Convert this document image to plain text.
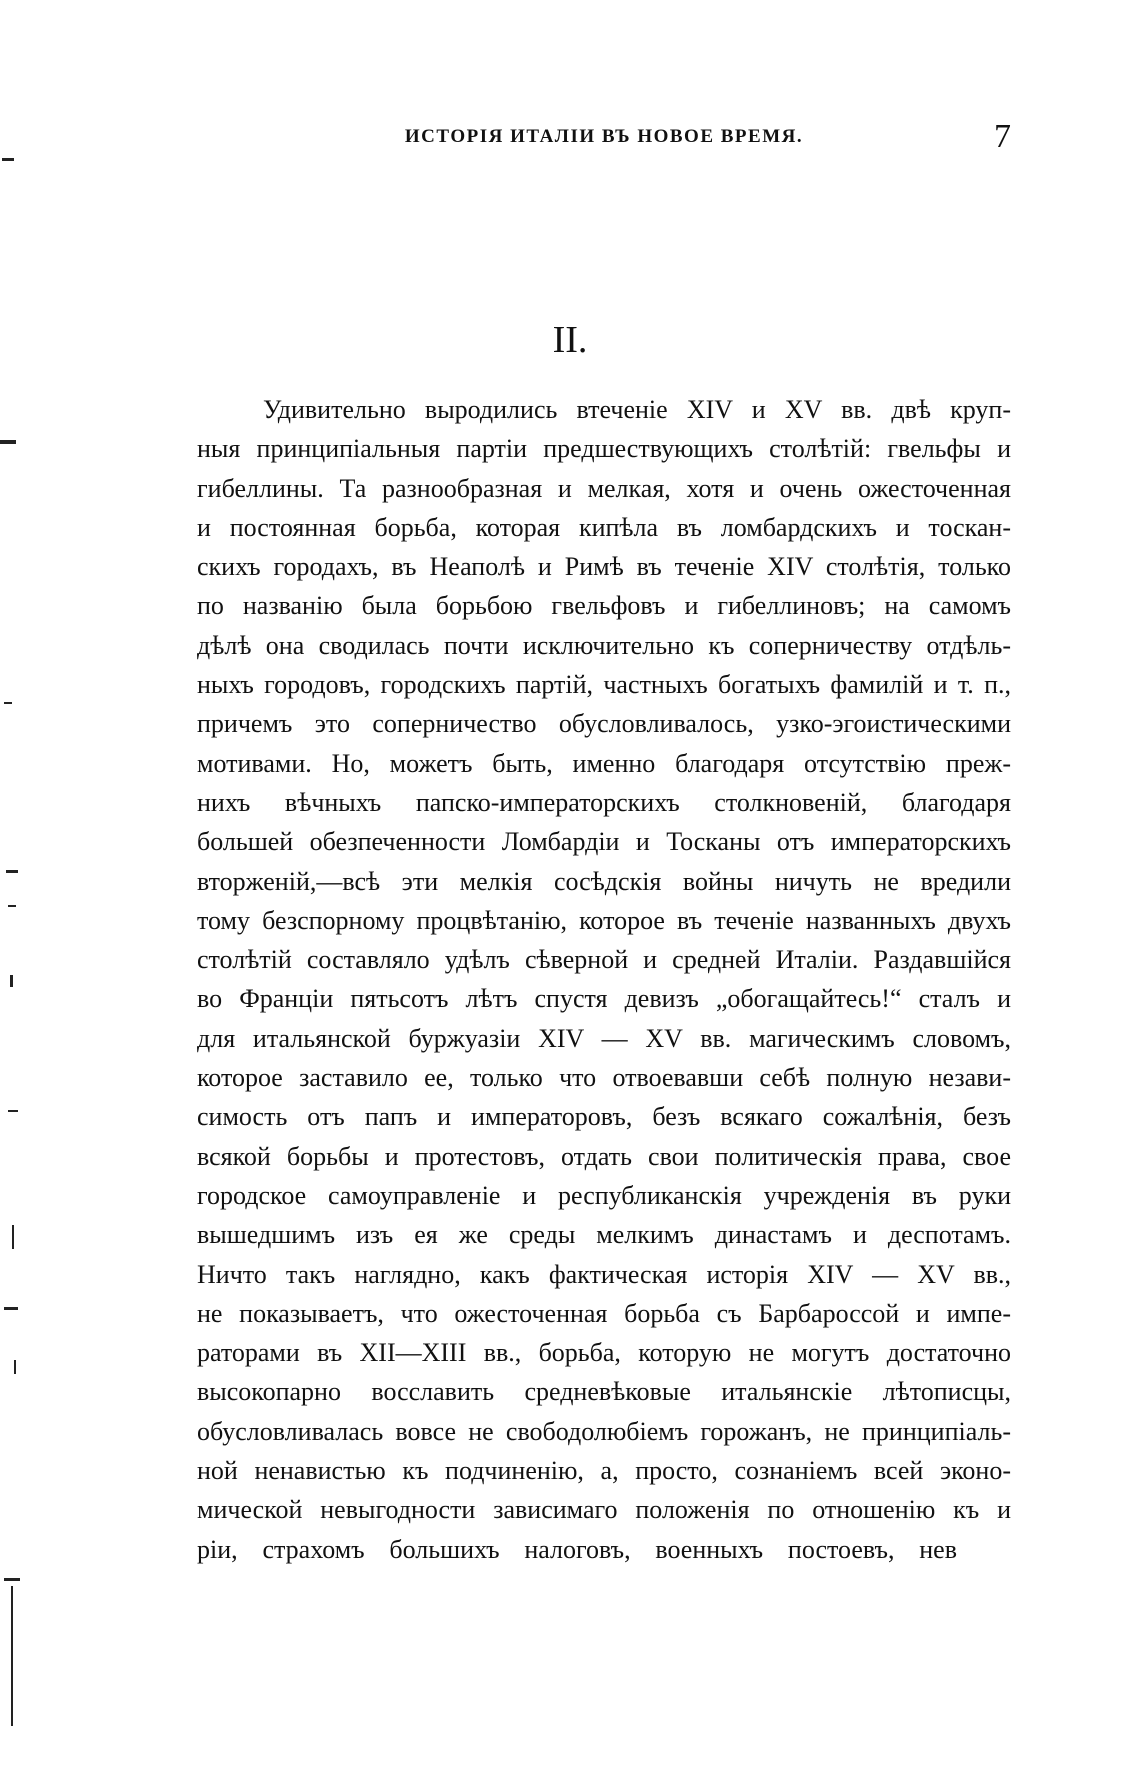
ИСТОРІЯ ИТАЛІИ ВЪ НОВОЕ ВРЕМЯ.	7
II.
Удивительно выродились втеченіе XIV и XV вв. двѣ круп-
ныя принципіальныя партіи предшествующихъ столѣтій: гвельфы и
гибеллины. Та разнообразная и мелкая, хотя и очень ожесточенная
и постоянная борьба, которая кипѣла въ ломбардскихъ и тоскан-
скихъ городахъ, въ Неаполѣ и Римѣ въ теченіе XIV столѣтія, только
по названію была борьбою гвельфовъ и гибеллиновъ; на самомъ
дѣлѣ она сводилась почти исключительно къ соперничеству отдѣль-
ныхъ городовъ, городскихъ партій, частныхъ богатыхъ фамилій и т. п.,
причемъ это соперничество обусловливалось, узко-эгоистическими
мотивами. Но, можетъ быть, именно благодаря отсутствію преж-
нихъ вѣчныхъ папско-императорскихъ столкновеній, благодаря
большей обезпеченности Ломбардіи и Тосканы отъ императорскихъ
вторженій,—всѣ эти мелкія сосѣдскія войны ничуть не вредили
тому безспорному процвѣтанію, которое въ теченіе названныхъ двухъ
столѣтій составляло удѣлъ сѣверной и средней Италіи. Раздавшійся
во Франціи пятьсотъ лѣтъ спустя девизъ „обогащайтесь!“ сталъ и
для итальянской буржуазіи XIV — XV вв. магическимъ словомъ,
которое заставило ее, только что отвоевавши себѣ полную незави-
симость отъ папъ и императоровъ, безъ всякаго сожалѣнія, безъ
всякой борьбы и протестовъ, отдать свои политическія права, свое
городское самоуправленіе и республиканскія учрежденія въ руки
вышедшимъ изъ ея же среды мелкимъ династамъ и деспотамъ.
Ничто такъ наглядно, какъ фактическая исторія XIV — XV вв.,
не показываетъ, что ожесточенная борьба съ Барбароссой и импе-
раторами въ XII—XIII вв., борьба, которую не могутъ достаточно
высокопарно восславить средневѣковые итальянскіе лѣтописцы,
обусловливалась вовсе не свободолюбіемъ горожанъ, не принципіаль-
ной ненавистью къ подчиненію, а, просто, сознаніемъ всей эконо-
мической невыгодности зависимаго положенія по отношенію къ и
ріи, страхомъ большихъ налоговъ, военныхъ постоевъ, нев
